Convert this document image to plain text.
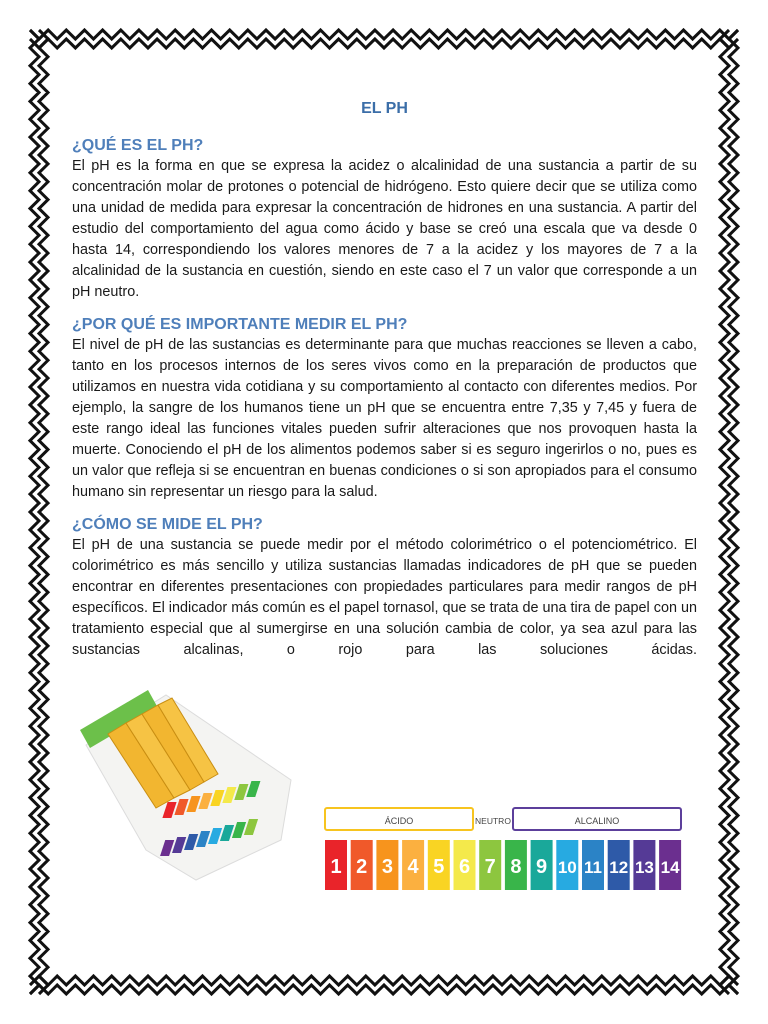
EL PH
¿QUÉ ES EL PH?

El pH es la forma en que se expresa la acidez o alcalinidad de una sustancia a partir de su concentración molar de protones o potencial de hidrógeno. Esto quiere decir que se utiliza como una unidad de medida para expresar la concentración de hidrones en una sustancia. A partir del estudio del comportamiento del agua como ácido y base se creó una escala que va desde 0 hasta 14, correspondiendo los valores menores de 7 a la acidez y los mayores de 7 a la alcalinidad de la sustancia en cuestión, siendo en este caso el 7 un valor que corresponde a un pH neutro.

¿POR QUÉ ES IMPORTANTE MEDIR EL PH?

El nivel de pH de las sustancias es determinante para que muchas reacciones se lleven a cabo, tanto en los procesos internos de los seres vivos como en la preparación de productos que utilizamos en nuestra vida cotidiana y su comportamiento al contacto con diferentes medios. Por ejemplo, la sangre de los humanos tiene un pH que se encuentra entre 7,35 y 7,45 y fuera de este rango ideal las funciones vitales pueden sufrir alteraciones que nos provoquen hasta la muerte. Conociendo el pH de los alimentos podemos saber si es seguro ingerirlos o no, pues es un valor que refleja si se encuentran en buenas condiciones o si son apropiados para el consumo humano sin representar un riesgo para la salud.

¿CÓMO SE MIDE EL PH?

El pH de una sustancia se puede medir por el método colorimétrico o el potenciométrico. El colorimétrico es más sencillo y utiliza sustancias llamadas indicadores de pH que se pueden encontrar en diferentes presentaciones con propiedades particulares para medir rangos de pH específicos. El indicador más común es el papel tornasol, que se trata de una tira de papel con un tratamiento especial que al sumergirse en una solución cambia de color, ya sea azul para las sustancias alcalinas, o rojo para las soluciones ácidas.

ÁCIDO	NEUTRO	ALCALINO
1 2 3 4 5 6 7 8 9 10 11 12 13 14
